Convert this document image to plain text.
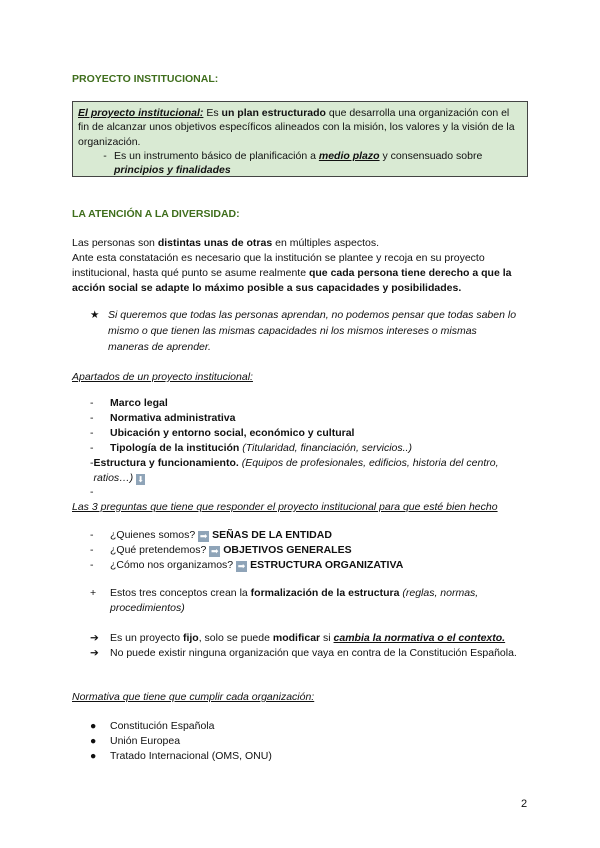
PROYECTO INSTITUCIONAL:

El proyecto institucional: Es un plan estructurado que desarrolla una organización con el fin de alcanzar unos objetivos específicos alineados con la misión, los valores y la visión de la organización.

- Es un instrumento básico de planificación a medio plazo y consensuado sobre principios y finalidades
LA ATENCIÓN A LA DIVERSIDAD:

Las personas son distintas unas de otras en múltiples aspectos.

Ante esta constatación es necesario que la institución se plantee y recoja en su proyecto institucional, hasta qué punto se asume realmente que cada persona tiene derecho a que la acción social se adapte lo máximo posible a sus capacidades y posibilidades.

★ Si queremos que todas las personas aprendan, no podemos pensar que todas saben lo mismo o que tienen las mismas capacidades ni los mismos intereses o mismas maneras de aprender.
Apartados de un proyecto institucional:
-	Marco legal
-	Normativa administrativa
-	Ubicación y entorno social, económico y cultural
-	Tipología de la institución (Titularidad, financiación, servicios..)
- Estructura y funcionamiento. (Equipos de profesionales, edificios, historia del centro, ratios…) ⬇
-
Las 3 preguntas que tiene que responder el proyecto institucional para que esté bien hecho
-	¿Quienes somos? ➡ SEÑAS DE LA ENTIDAD
-	¿Qué pretendemos? ➡ OBJETIVOS GENERALES
-	¿Cómo nos organizamos? ➡ ESTRUCTURA ORGANIZATIVA
+	Estos tres conceptos crean la formalización de la estructura (reglas, normas, procedimientos)
➔	Es un proyecto fijo, solo se puede modificar si cambia la normativa o el contexto.
➔	No puede existir ninguna organización que vaya en contra de la Constitución Española.
Normativa que tiene que cumplir cada organización:
●	Constitución Española
●	Unión Europea
●	Tratado Internacional (OMS, ONU)
2
